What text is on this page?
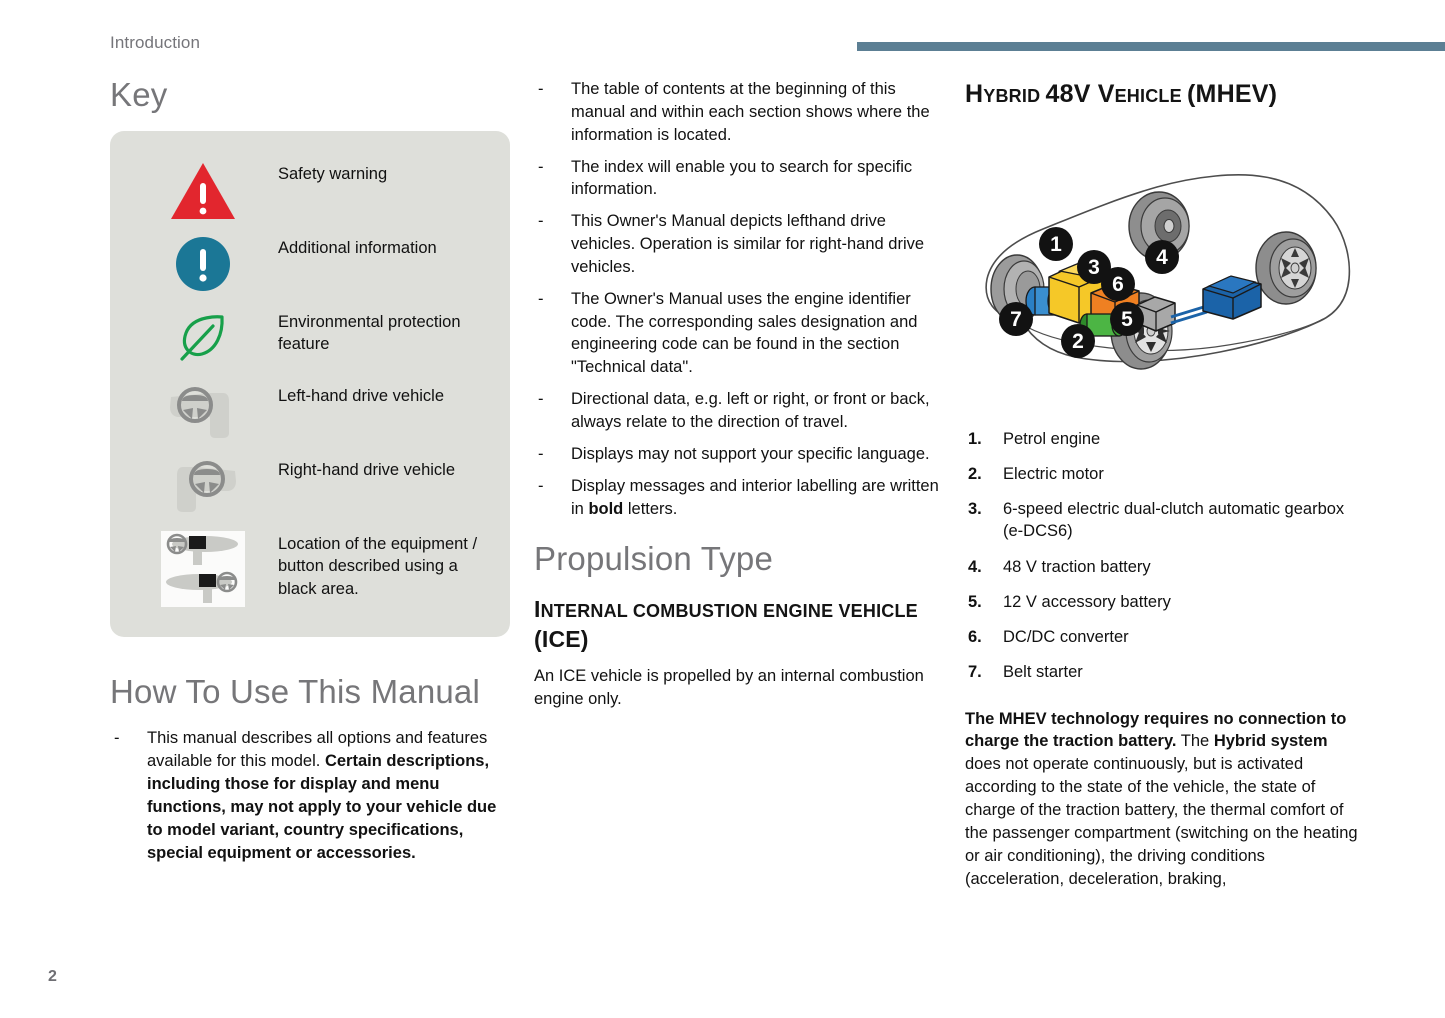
Introduction
2
Key
Safety warning
Additional information
Environmental protection feature
Left-hand drive vehicle
Right-hand drive vehicle
Location of the equipment / button described using a black area.
How To Use This Manual
- This manual describes all options and features available for this model. Certain descriptions, including those for display and menu functions, may not apply to your vehicle due to model variant, country specifications, special equipment or accessories.
- The table of contents at the beginning of this manual and within each section shows where the information is located.
- The index will enable you to search for specific information.
- This Owner's Manual depicts lefthand drive vehicles. Operation is similar for right-hand drive vehicles.
- The Owner's Manual uses the engine identifier code. The corresponding sales designation and engineering code can be found in the section "Technical data".
- Directional data, e.g. left or right, or front or back, always relate to the direction of travel.
- Displays may not support your specific language.
- Display messages and interior labelling are written in bold letters.
Propulsion Type
INTERNAL COMBUSTION ENGINE VEHICLE (ICE)

An ICE vehicle is propelled by an internal combustion engine only.

HYBRID 48V VEHICLE (MHEV)
1
3
6
4
5
7
2
1. Petrol engine
2. Electric motor
3. 6-speed electric dual-clutch automatic gearbox (e-DCS6)
4. 48 V traction battery
5. 12 V accessory battery
6. DC/DC converter
7. Belt starter
The MHEV technology requires no connection to charge the traction battery. The Hybrid system does not operate continuously, but is activated according to the state of the vehicle, the state of charge of the traction battery, the thermal comfort of the passenger compartment (switching on the heating or air conditioning), the driving conditions (acceleration, deceleration, braking,
